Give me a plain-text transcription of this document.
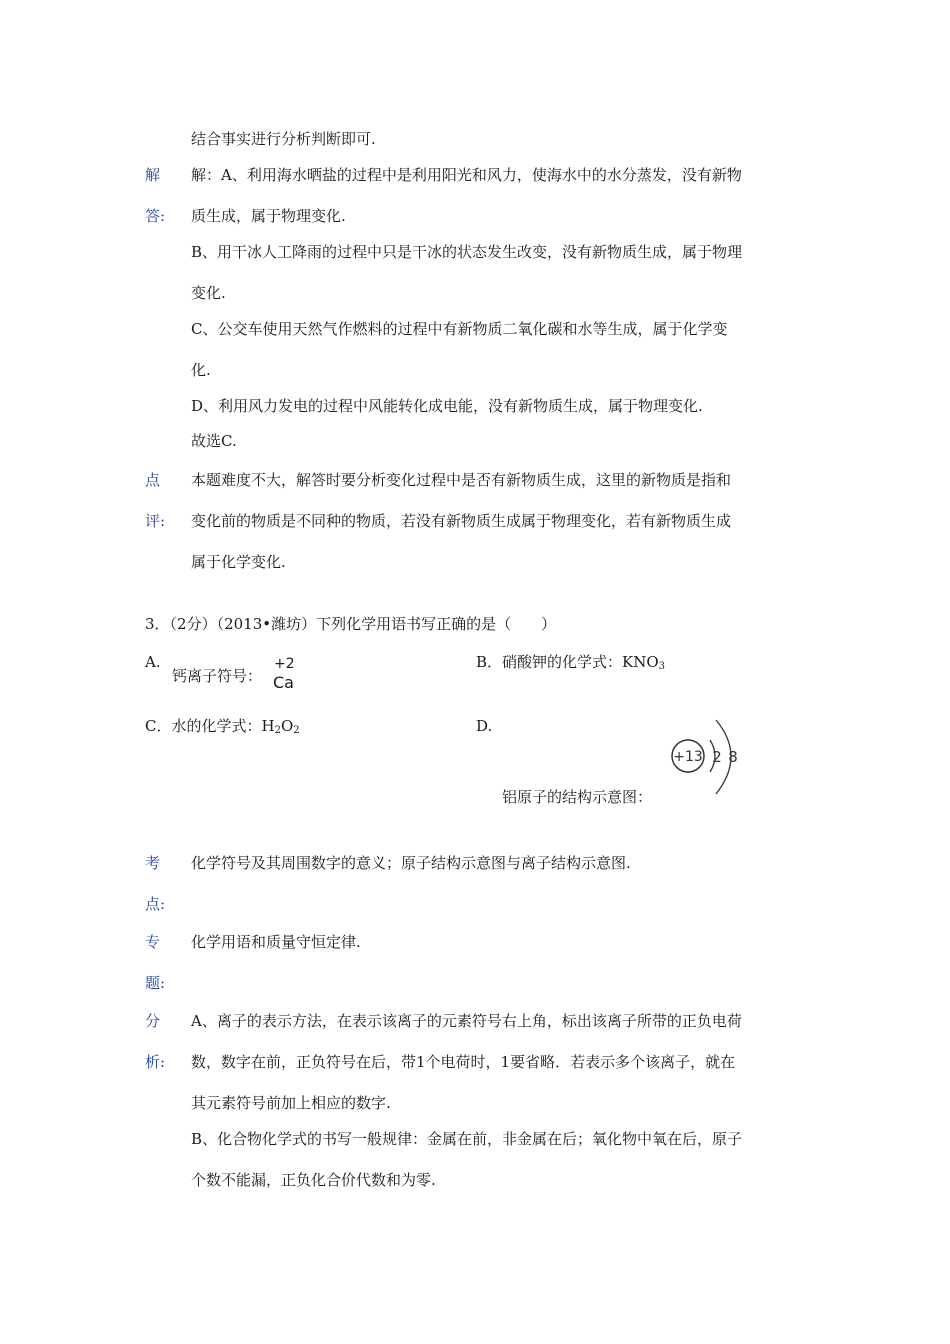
结合事实进行分析判断即可.
解
答:
解：A、利用海水晒盐的过程中是利用阳光和风力，使海水中的水分蒸发，没有新物
质生成，属于物理变化.
B、用干冰人工降雨的过程中只是干冰的状态发生改变，没有新物质生成，属于物理
变化.
C、公交车使用天然气作燃料的过程中有新物质二氧化碳和水等生成，属于化学变
化.
D、利用风力发电的过程中风能转化成电能，没有新物质生成，属于物理变化.
故选C.
点
评:
本题难度不大，解答时要分析变化过程中是否有新物质生成，这里的新物质是指和
变化前的物质是不同种的物质，若没有新物质生成属于物理变化，若有新物质生成
属于化学变化.
3．（2分）（2013•潍坊）下列化学用语书写正确的是（　　）
A.
钙离子符号：
+2
Ca
B．硝酸钾的化学式：$KNO_3$
C．水的化学式：$H_2O_2$	D.
+13 2 8
铝原子的结构示意图：
考
点:
化学符号及其周围数字的意义；原子结构示意图与离子结构示意图.
专
题:
化学用语和质量守恒定律.
分
析:
A、离子的表示方法，在表示该离子的元素符号右上角，标出该离子所带的正负电荷
数，数字在前，正负符号在后，带1个电荷时，1要省略．若表示多个该离子，就在
其元素符号前加上相应的数字.
B、化合物化学式的书写一般规律：金属在前，非金属在后；氧化物中氧在后，原子
个数不能漏，正负化合价代数和为零.
